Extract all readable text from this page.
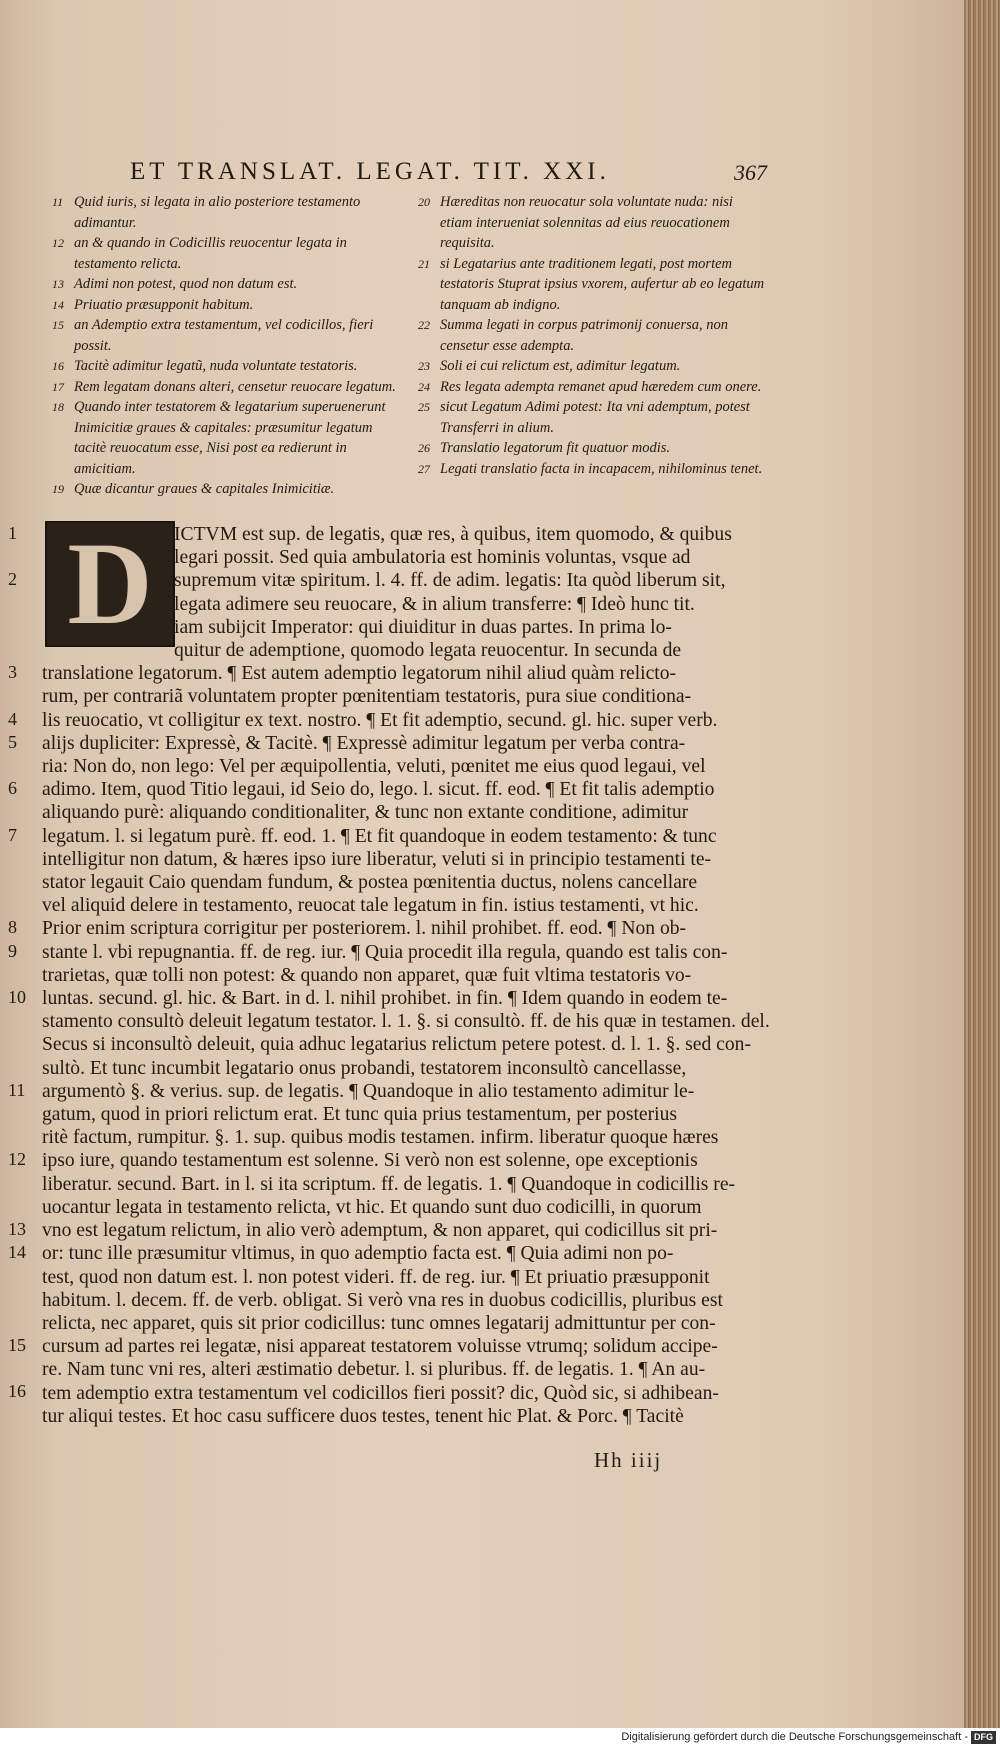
ET TRANSLAT. LEGAT. TIT. XXI.	367
11 Quid iuris, si legata in alio posteriore testamento adimantur.
12 an & quando in Codicillis reuocentur legata in testamento relicta.
13 Adimi non potest, quod non datum est.
14 Priuatio præsupponit habitum.
15 an Ademptio extra testamentum, vel codicillos, fieri possit.
16 Tacitè adimitur legatũ, nuda voluntate testatoris.
17 Rem legatam donans alteri, censetur reuocare legatum.
18 Quando inter testatorem & legatarium superuenerunt Inimicitiæ graues & capitales: præsumitur legatum tacitè reuocatum esse, Nisi post ea redierunt in amicitiam.
19 Quæ dicantur graues & capitales Inimicitiæ.
20 Hæreditas non reuocatur sola voluntate nuda: nisi etiam interueniat solennitas ad eius reuocationem requisita.
21 si Legatarius ante traditionem legati, post mortem testatoris Stuprat ipsius vxorem, aufertur ab eo legatum tanquam ab indigno.
22 Summa legati in corpus patrimonij conuersa, non censetur esse adempta.
23 Soli ei cui relictum est, adimitur legatum.
24 Res legata adempta remanet apud hæredem cum onere.
25 sicut Legatum Adimi potest: Ita vni ademptum, potest Transferri in alium.
26 Translatio legatorum fit quatuor modis.
27 Legati translatio facta in incapacem, nihilominus tenet.
D
1
2
3
4
5
6
7
8
9
10
11
12
13
14
15
16
ICTVM est sup. de legatis, quæ res, à quibus, item quomodo, & quibus
legari possit. Sed quia ambulatoria est hominis voluntas, vsque ad
supremum vitæ spiritum. l. 4. ff. de adim. legatis: Ita quòd liberum sit,
legata adimere seu reuocare, & in alium transferre: ¶ Ideò hunc tit.
iam subijcit Imperator: qui diuiditur in duas partes. In prima lo-
quitur de ademptione, quomodo legata reuocentur. In secunda de
translatione legatorum. ¶ Est autem ademptio legatorum nihil aliud quàm relicto-
rum, per contrariã voluntatem propter pœnitentiam testatoris, pura siue conditiona-
lis reuocatio, vt colligitur ex text. nostro. ¶ Et fit ademptio, secund. gl. hic. super verb.
alijs dupliciter: Expressè, & Tacitè. ¶ Expressè adimitur legatum per verba contra-
ria: Non do, non lego: Vel per æquipollentia, veluti, pœnitet me eius quod legaui, vel
adimo. Item, quod Titio legaui, id Seio do, lego. l. sicut. ff. eod. ¶ Et fit talis ademptio
aliquando purè: aliquando conditionaliter, & tunc non extante conditione, adimitur
legatum. l. si legatum purè. ff. eod. 1. ¶ Et fit quandoque in eodem testamento: & tunc
intelligitur non datum, & hæres ipso iure liberatur, veluti si in principio testamenti te-
stator legauit Caio quendam fundum, & postea pœnitentia ductus, nolens cancellare
vel aliquid delere in testamento, reuocat tale legatum in fin. istius testamenti, vt hic.
Prior enim scriptura corrigitur per posteriorem. l. nihil prohibet. ff. eod. ¶ Non ob-
stante l. vbi repugnantia. ff. de reg. iur. ¶ Quia procedit illa regula, quando est talis con-
trarietas, quæ tolli non potest: & quando non apparet, quæ fuit vltima testatoris vo-
luntas. secund. gl. hic. & Bart. in d. l. nihil prohibet. in fin. ¶ Idem quando in eodem te-
stamento consultò deleuit legatum testator. l. 1. §. si consultò. ff. de his quæ in testamen. del.
Secus si inconsultò deleuit, quia adhuc legatarius relictum petere potest. d. l. 1. §. sed con-
sultò. Et tunc incumbit legatario onus probandi, testatorem inconsultò cancellasse,
argumentò §. & verius. sup. de legatis. ¶ Quandoque in alio testamento adimitur le-
gatum, quod in priori relictum erat. Et tunc quia prius testamentum, per posterius
ritè factum, rumpitur. §. 1. sup. quibus modis testamen. infirm. liberatur quoque hæres
ipso iure, quando testamentum est solenne. Si verò non est solenne, ope exceptionis
liberatur. secund. Bart. in l. si ita scriptum. ff. de legatis. 1. ¶ Quandoque in codicillis re-
uocantur legata in testamento relicta, vt hic. Et quando sunt duo codicilli, in quorum
vno est legatum relictum, in alio verò ademptum, & non apparet, qui codicillus sit pri-
or: tunc ille præsumitur vltimus, in quo ademptio facta est. ¶ Quia adimi non po-
test, quod non datum est. l. non potest videri. ff. de reg. iur. ¶ Et priuatio præsupponit
habitum. l. decem. ff. de verb. obligat. Si verò vna res in duobus codicillis, pluribus est
relicta, nec apparet, quis sit prior codicillus: tunc omnes legatarij admittuntur per con-
cursum ad partes rei legatæ, nisi appareat testatorem voluisse vtrumq; solidum accipe-
re. Nam tunc vni res, alteri æstimatio debetur. l. si pluribus. ff. de legatis. 1. ¶ An au-
tem ademptio extra testamentum vel codicillos fieri possit? dic, Quòd sic, si adhibean-
tur aliqui testes. Et hoc casu sufficere duos testes, tenent hic Plat. & Porc. ¶ Tacitè
Hh iiij
Digitalisierung gefördert durch die Deutsche Forschungsgemeinschaft - DFG
